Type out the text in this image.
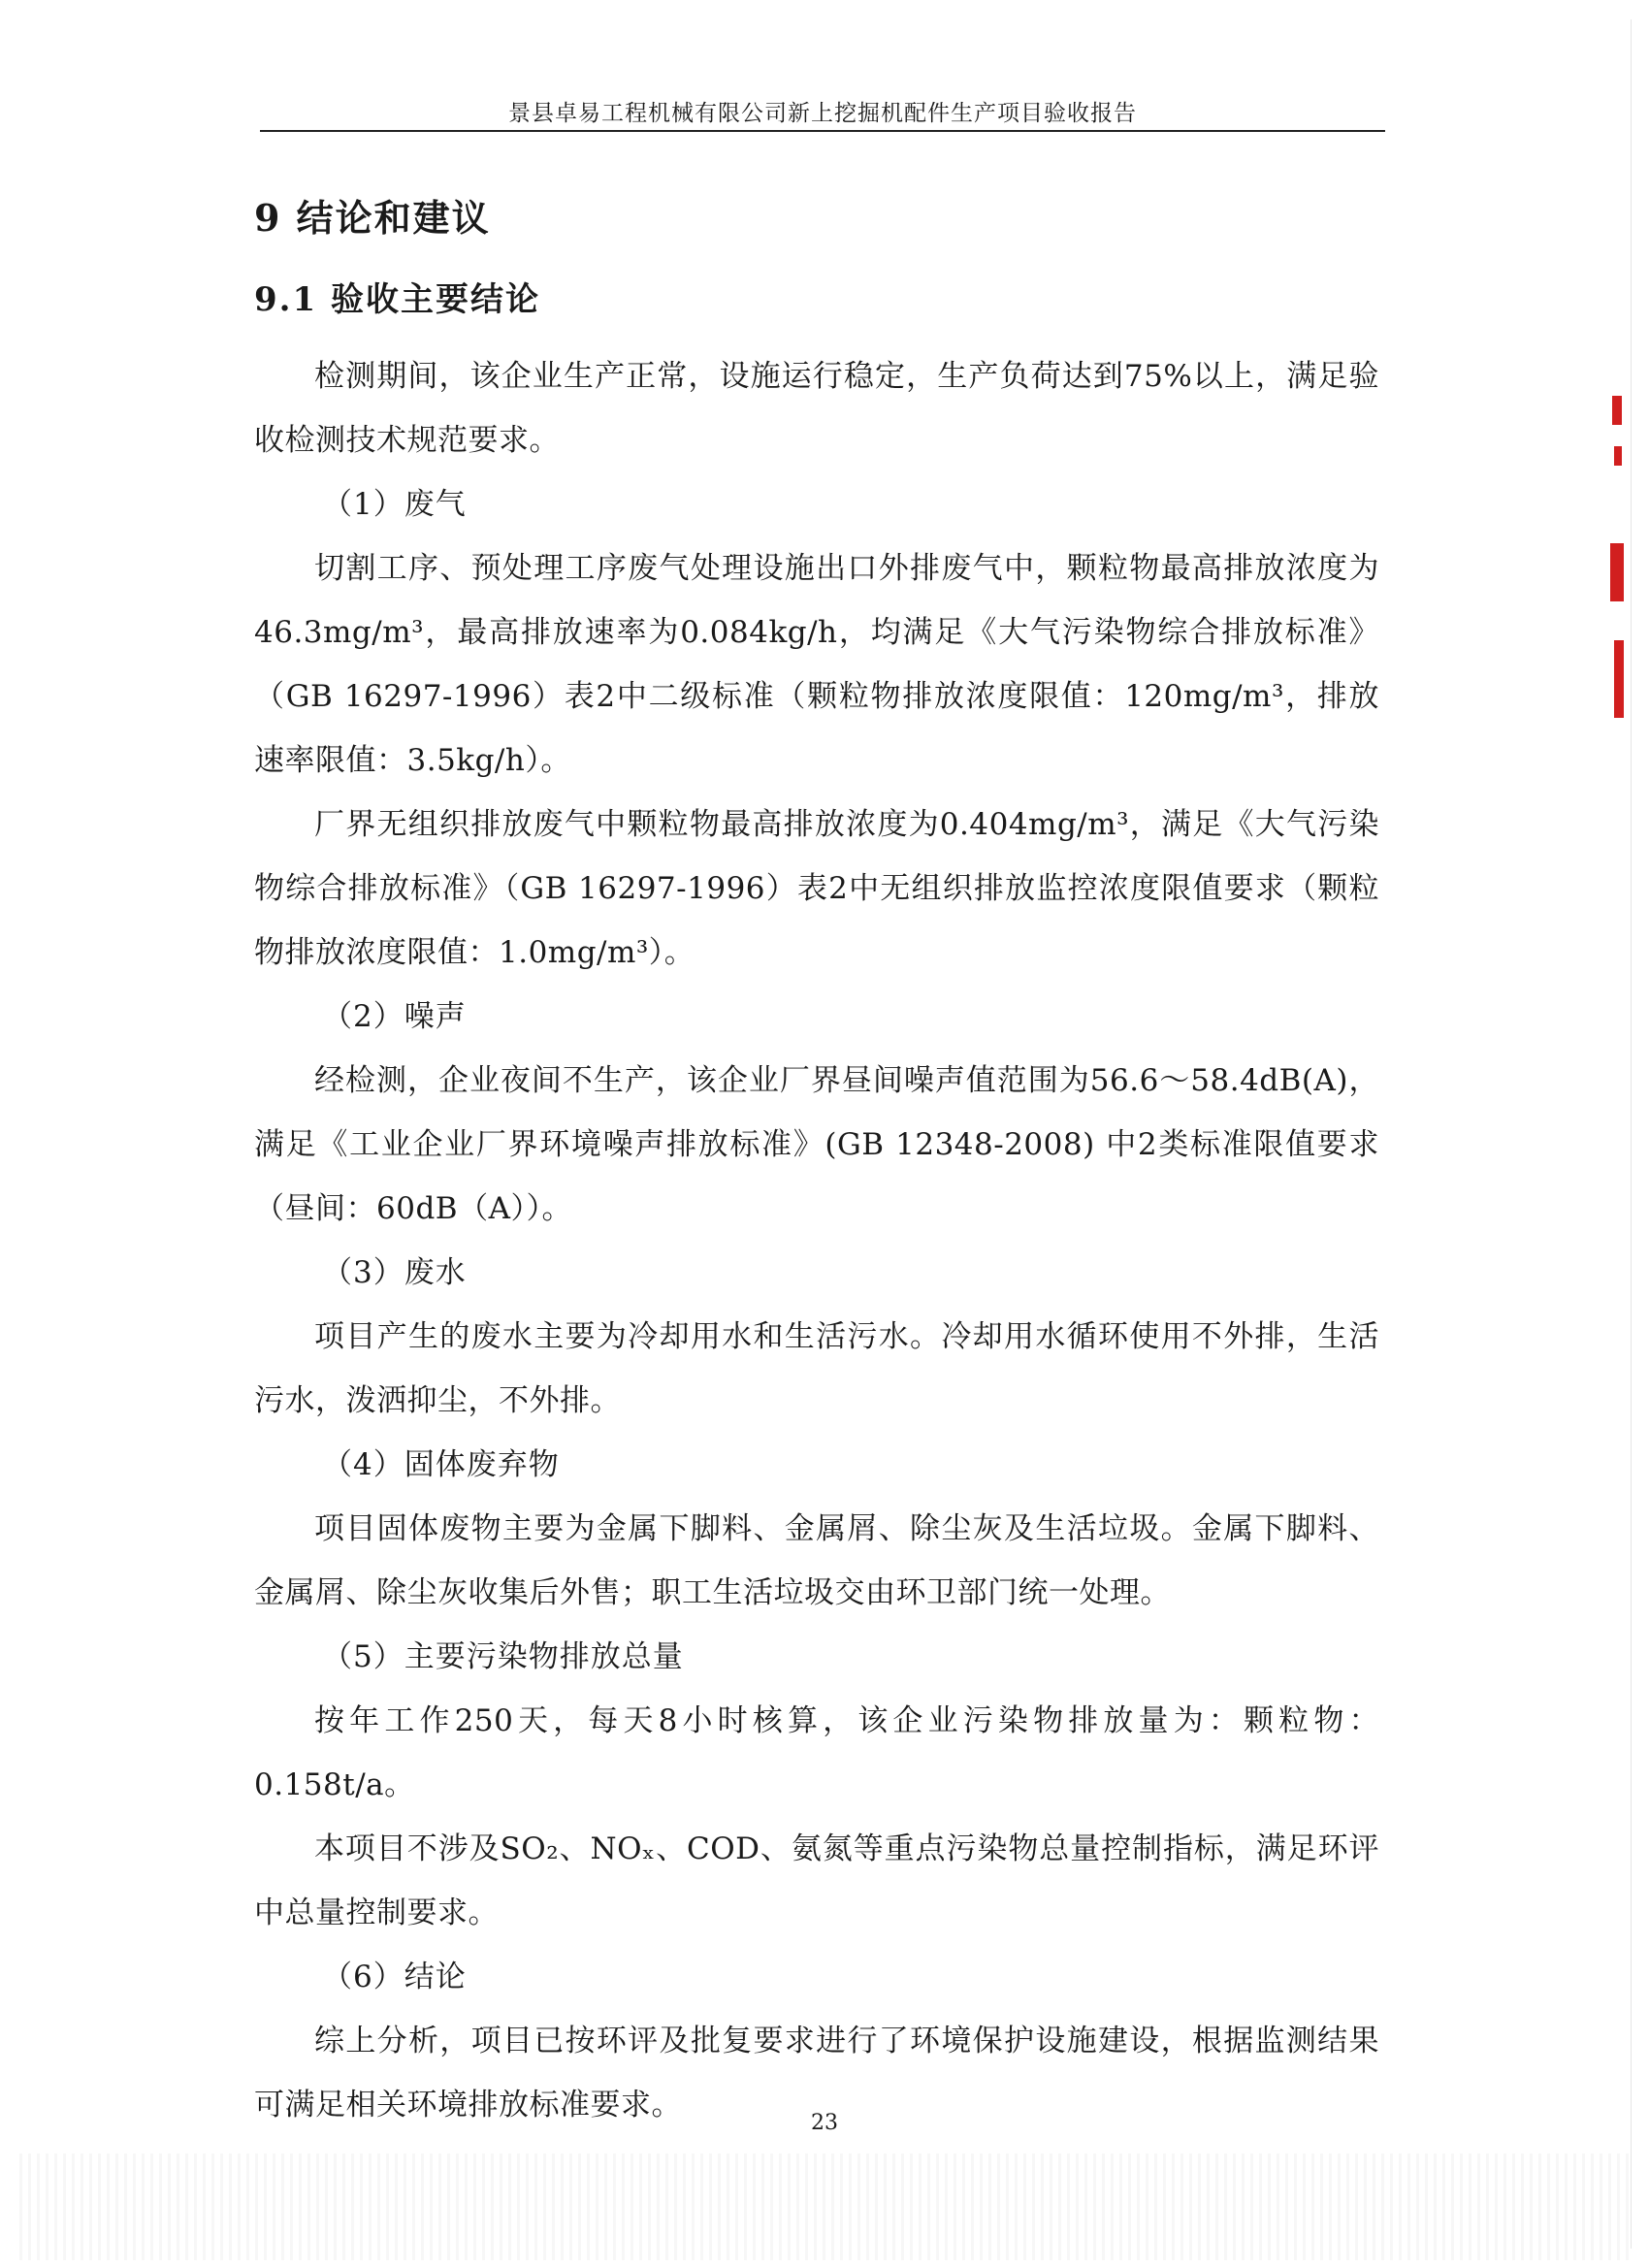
景县卓易工程机械有限公司新上挖掘机配件生产项目验收报告
9 结论和建议
9.1 验收主要结论

检测期间，该企业生产正常，设施运行稳定，生产负荷达到75%以上，满足验收检测技术规范要求。

（1）废气

切割工序、预处理工序废气处理设施出口外排废气中，颗粒物最高排放浓度为46.3mg/m³，最高排放速率为0.084kg/h，均满足《大气污染物综合排放标准》（GB 16297-1996）表2中二级标准（颗粒物排放浓度限值：120mg/m³，排放速率限值：3.5kg/h）。

厂界无组织排放废气中颗粒物最高排放浓度为0.404mg/m³，满足《大气污染物综合排放标准》（GB 16297-1996）表2中无组织排放监控浓度限值要求（颗粒物排放浓度限值：1.0mg/m³）。

（2）噪声

经检测，企业夜间不生产，该企业厂界昼间噪声值范围为56.6～58.4dB(A)，满足《工业企业厂界环境噪声排放标准》(GB 12348-2008) 中2类标准限值要求（昼间：60dB（A））。

（3）废水

项目产生的废水主要为冷却用水和生活污水。冷却用水循环使用不外排，生活污水，泼洒抑尘，不外排。

（4）固体废弃物

项目固体废物主要为金属下脚料、金属屑、除尘灰及生活垃圾。金属下脚料、金属屑、除尘灰收集后外售；职工生活垃圾交由环卫部门统一处理。

（5）主要污染物排放总量

按年工作250天，每天8小时核算，该企业污染物排放量为：颗粒物：0.158t/a。

本项目不涉及SO₂、NOₓ、COD、氨氮等重点污染物总量控制指标，满足环评中总量控制要求。

（6）结论

综上分析，项目已按环评及批复要求进行了环境保护设施建设，根据监测结果可满足相关环境排放标准要求。

23
